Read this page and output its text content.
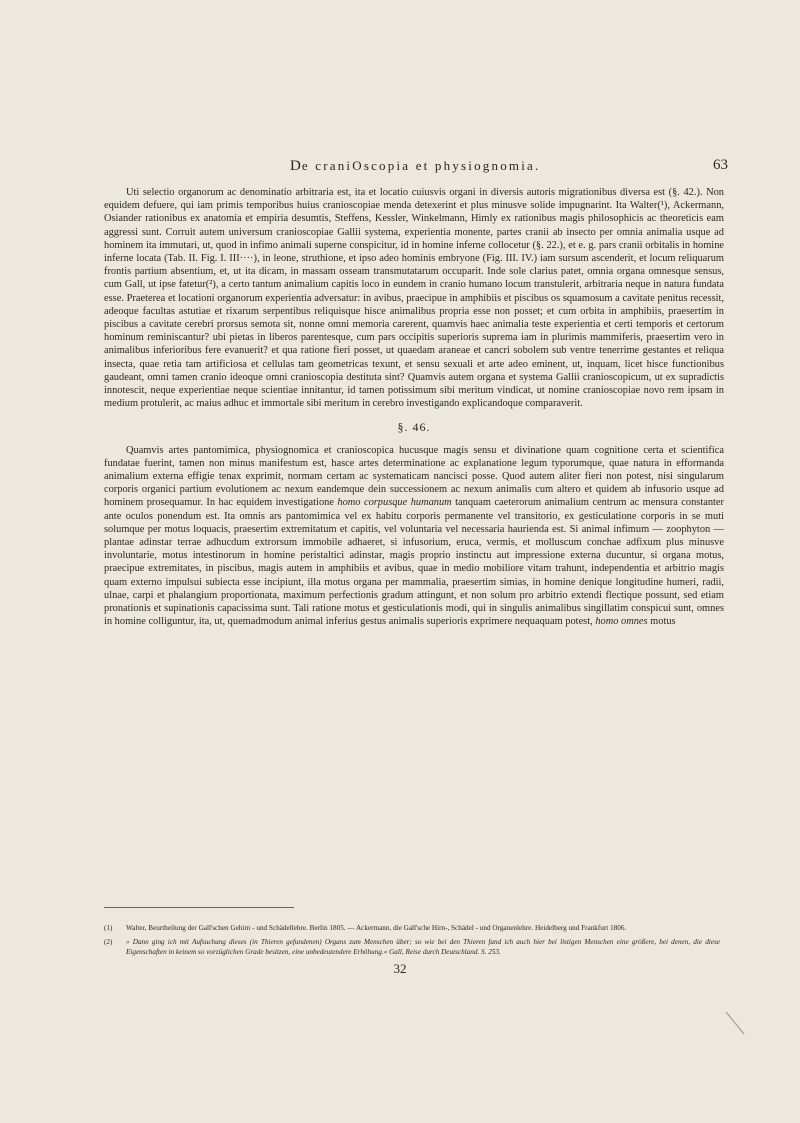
De craniOscopia et physiognomia.	63

Uti selectio organorum ac denominatio arbitraria est, ita et locatio cuiusvis organi in diversis autoris migrationibus diversa est (§. 42.). Non equidem defuere, qui iam primis temporibus huius cranioscopiae menda detexerint et plus minusve solide impugnarint. Ita Walter(¹), Ackermann, Osiander rationibus ex anatomia et empiria desumtis, Steffens, Kessler, Winkelmann, Himly ex rationibus magis philosophicis ac theoreticis eam aggressi sunt. Corruit autem universum cranioscopiae Gallii systema, experientia monente, partes cranii ab insecto per omnia animalia usque ad hominem ita immutari, ut, quod in infimo animali superne conspicitur, id in homine inferne collocetur (§. 22.), et e. g. pars cranii orbitalis in homine inferne locata (Tab. II. Fig. I. III····), in leone, struthione, et ipso adeo hominis embryone (Fig. III. IV.) iam sursum ascenderit, et locum reliquarum frontis partium absentium, et, ut ita dicam, in massam osseam transmutatarum occuparit. Inde sole clarius patet, omnia organa omnesque sensus, cum Gall, ut ipse fatetur(²), a certo tantum animalium capitis loco in eundem in cranio humano locum transtulerit, arbitraria neque in natura fundata esse. Praeterea et locationi organorum experientia adversatur: in avibus, praecipue in amphibiis et piscibus os squamosum a cavitate penitus recessit, adeoque facultas astutiae et rixarum serpentibus reliquisque hisce animalibus propria esse non posset; et cum orbita in amphibiis, praesertim in piscibus a cavitate cerebri prorsus semota sit, nonne omni memoria carerent, quamvis haec animalia teste experientia et certi temporis et certorum hominum reminiscantur? ubi pietas in liberos parentesque, cum pars occipitis superioris suprema iam in plurimis mammiferis, praesertim vero in animalibus inferioribus fere evanuerit? et qua ratione fieri posset, ut quaedam araneae et cancri sobolem sub ventre tenerrime gestantes et reliqua insecta, quae retia tam artificiosa et cellulas tam geometricas texunt, et sensu sexuali et arte adeo eminent, ut, inquam, licet hisce functionibus gaudeant, omni tamen cranio ideoque omni cranioscopia destituta sint? Quamvis autem organa et systema Gallii cranioscopicum, ut ex supradictis innotescit, neque experientiae neque scientiae innitantur, id tamen potissimum sibi meritum vindicat, ut nomine cranioscopiae novo rem ipsam in medium protulerit, ac maius adhuc et immortale sibi meritum in cerebro investigando explicandoque comparaverit.

§. 46.

Quamvis artes pantomimica, physiognomica et cranioscopica hucusque magis sensu et divinatione quam cognitione certa et scientifica fundatae fuerint, tamen non minus manifestum est, hasce artes determinatione ac explanatione legum typorumque, quae natura in efformanda animalium externa effigie tenax exprimit, normam certam ac systematicam nancisci posse. Quod autem aliter fieri non potest, nisi singularum corporis organici partium evolutionem ac nexum eandemque dein successionem ac nexum animalis cum altero et quidem ab infusorio usque ad hominem prosequamur. In hac equidem investigatione homo corpusque humanum tanquam caeterorum animalium centrum ac mensura constanter ante oculos ponendum est. Ita omnis ars pantomimica vel ex habitu corporis permanente vel transitorio, ex gesticulatione corporis in se muti solumque per motus loquacis, praesertim extremitatum et capitis, vel voluntaria vel necessaria haurienda est. Si animal infimum — zoophyton — plantae adinstar terrae adhucdum extrorsum immobile adhaeret, si infusorium, eruca, vermis, et molluscum conchae adfixum plus minusve involuntarie, motus intestinorum in homine peristaltici adinstar, magis proprio instinctu aut impressione externa ducuntur, si organa motus, praecipue extremitates, in piscibus, magis autem in amphibiis et avibus, quae in medio mobiliore vitam trahunt, independentia et arbitrio magis quam externo impulsui subiecta esse incipiunt, illa motus organa per mammalia, praesertim simias, in homine denique longitudine humeri, radii, ulnae, carpi et phalangium proportionata, maximum perfectionis gradum attingunt, et non solum pro arbitrio extendi flectique possunt, sed etiam pronationis et supinationis capacissima sunt. Tali ratione motus et gesticulationis modi, qui in singulis animalibus singillatim conspicui sunt, omnes in homine colliguntur, ita, ut, quemadmodum animal inferius gestus animalis superioris exprimere nequaquam potest, homo omnes motus

(1)	Walter, Beurtheilung der Gall'schen Gehirn - und Schädellehre. Berlin 1805. — Ackermann, die Gall'sche Hirn-, Schädel - und Organenlehre. Heidelberg und Frankfurt 1806.
(2)	» Dann ging ich mit Aufsuchung dieses (in Thieren gefundenen) Organs zum Menschen über; so wie bei den Thieren fand ich auch hier bei listigen Menschen eine größere, bei denen, die diese Eigenschaften in keinem so vorzüglichen Grade besitzen, eine unbedeutendere Erhöhung.« Gall, Reise durch Deutschland. S. 253.
32
